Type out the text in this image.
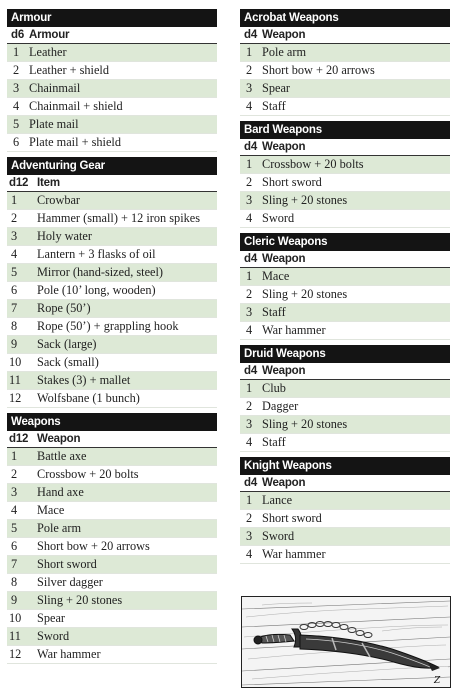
Armour
d6 Armour
1 Leather
2 Leather + shield
3 Chainmail
4 Chainmail + shield
5 Plate mail
6 Plate mail + shield
Adventuring Gear
d12 Item
1	Crowbar
2	Hammer (small) + 12 iron spikes
3	Holy water
4	Lantern + 3 flasks of oil
5	Mirror (hand-sized, steel)
6	Pole (10’ long, wooden)
7	Rope (50’)
8	Rope (50’) + grappling hook
9	Sack (large)
10	Sack (small)
11	Stakes (3) + mallet
12	Wolfsbane (1 bunch)
Weapons
d12 Weapon
1	Battle axe
2	Crossbow + 20 bolts
3	Hand axe
4	Mace
5	Pole arm
6	Short bow + 20 arrows
7	Short sword
8	Silver dagger
9	Sling + 20 stones
10	Spear
11	Sword
12	War hammer
Acrobat Weapons
d4 Weapon
1 Pole arm
2 Short bow + 20 arrows
3 Spear
4 Staff
Bard Weapons
d4 Weapon
1 Crossbow + 20 bolts
2 Short sword
3 Sling + 20 stones
4 Sword
Cleric Weapons
d4 Weapon
1 Mace
2 Sling + 20 stones
3 Staff
4 War hammer
Druid Weapons
d4 Weapon
1 Club
2 Dagger
3 Sling + 20 stones
4 Staff
Knight Weapons
d4 Weapon
1 Lance
2 Short sword
3 Sword
4 War hammer
Z
